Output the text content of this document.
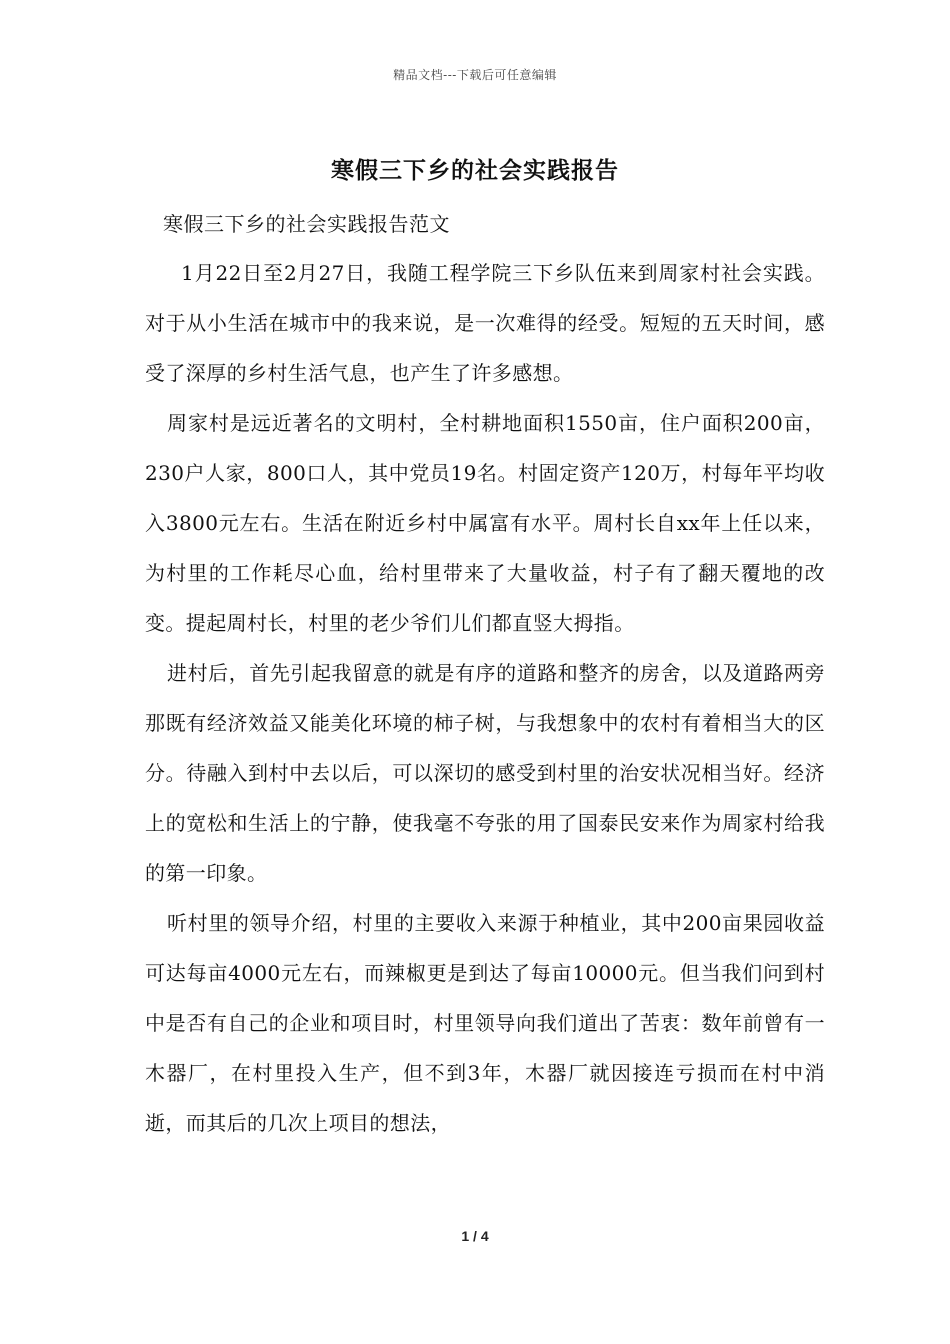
精品文档---下载后可任意编辑
寒假三下乡的社会实践报告
寒假三下乡的社会实践报告范文

1月22日至2月27日，我随工程学院三下乡队伍来到周家村社会实践。对于从小生活在城市中的我来说，是一次难得的经受。短短的五天时间，感受了深厚的乡村生活气息，也产生了许多感想。

周家村是远近著名的文明村，全村耕地面积1550亩，住户面积200亩，230户人家，800口人，其中党员19名。村固定资产120万，村每年平均收入3800元左右。生活在附近乡村中属富有水平。周村长自xx年上任以来，为村里的工作耗尽心血，给村里带来了大量收益，村子有了翻天覆地的改变。提起周村长，村里的老少爷们儿们都直竖大拇指。

进村后，首先引起我留意的就是有序的道路和整齐的房舍，以及道路两旁那既有经济效益又能美化环境的柿子树，与我想象中的农村有着相当大的区分。待融入到村中去以后，可以深切的感受到村里的治安状况相当好。经济上的宽松和生活上的宁静，使我毫不夸张的用了国泰民安来作为周家村给我的第一印象。

听村里的领导介绍，村里的主要收入来源于种植业，其中200亩果园收益可达每亩4000元左右，而辣椒更是到达了每亩10000元。但当我们问到村中是否有自己的企业和项目时，村里领导向我们道出了苦衷：数年前曾有一木器厂，在村里投入生产，但不到3年，木器厂就因接连亏损而在村中消逝，而其后的几次上项目的想法，

1 / 4
